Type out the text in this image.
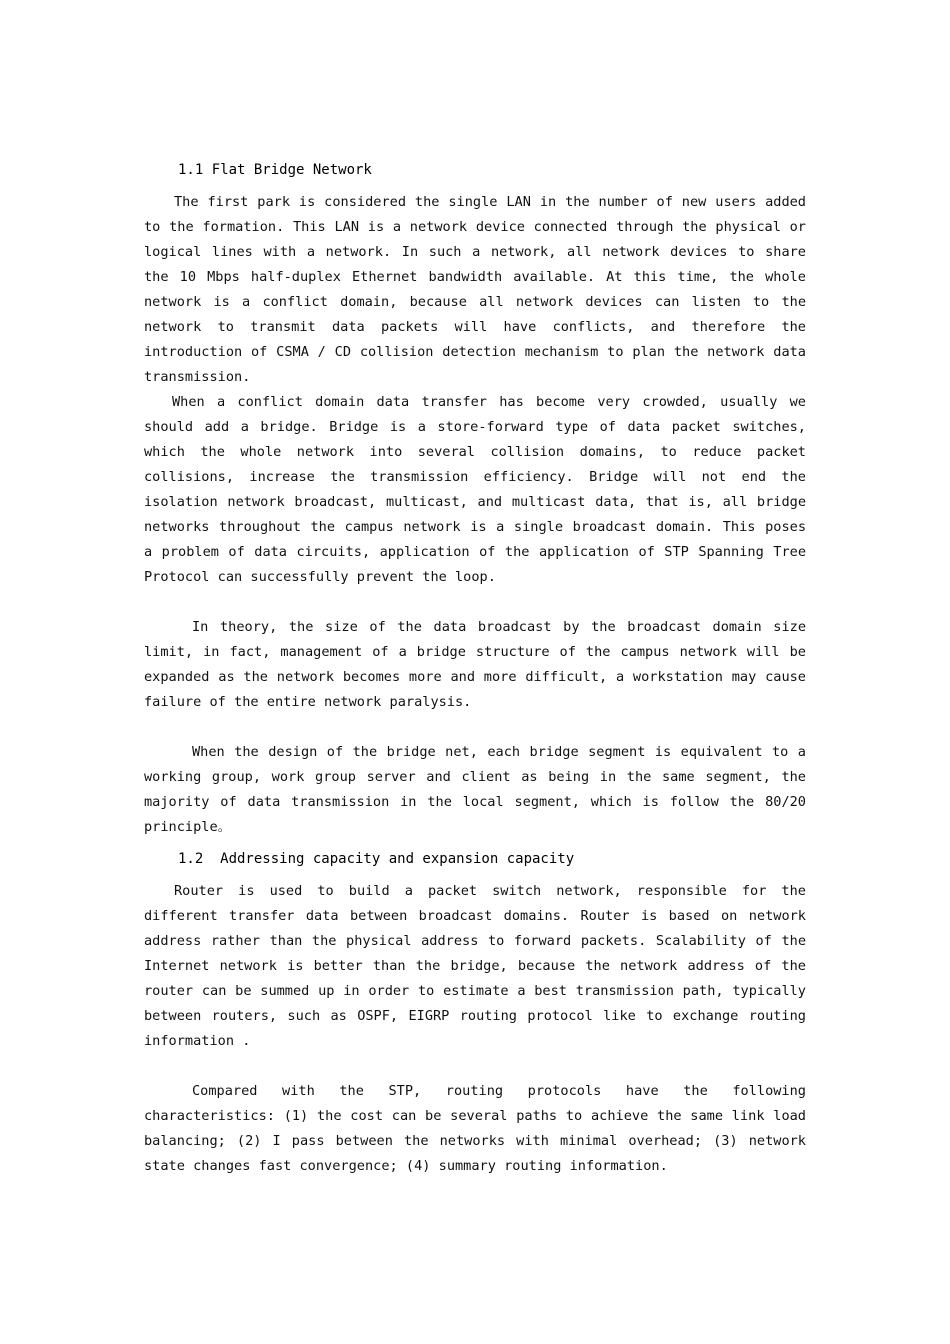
1.1 Flat Bridge Network

The first park is considered the single LAN in the number of new users added to the formation. This LAN is a network device connected through the physical or logical lines with a network. In such a network, all network devices to share the 10 Mbps half-duplex Ethernet bandwidth available. At this time, the whole network is a conflict domain, because all network devices can listen to the network to transmit data packets will have conflicts, and therefore the introduction of CSMA / CD collision detection mechanism to plan the network data transmission.

When a conflict domain data transfer has become very crowded, usually we should add a bridge. Bridge is a store-forward type of data packet switches, which the whole network into several collision domains, to reduce packet collisions, increase the transmission efficiency. Bridge will not end the isolation network broadcast, multicast, and multicast data, that is, all bridge networks throughout the campus network is a single broadcast domain. This poses a problem of data circuits, application of the application of STP Spanning Tree Protocol can successfully prevent the loop.

In theory, the size of the data broadcast by the broadcast domain size limit, in fact, management of a bridge structure of the campus network will be expanded as the network becomes more and more difficult, a workstation may cause failure of the entire network paralysis.

When the design of the bridge net, each bridge segment is equivalent to a working group, work group server and client as being in the same segment, the majority of data transmission in the local segment, which is follow the 80/20 principle。

1.2  Addressing capacity and expansion capacity

Router is used to build a packet switch network, responsible for the different transfer data between broadcast domains. Router is based on network address rather than the physical address to forward packets. Scalability of the Internet network is better than the bridge, because the network address of the router can be summed up in order to estimate a best transmission path, typically between routers, such as OSPF, EIGRP routing protocol like to exchange routing information .

Compared with the STP, routing protocols have the following characteristics: (1) the cost can be several paths to achieve the same link load balancing; (2) I pass between the networks with minimal overhead; (3) network state changes fast convergence; (4) summary routing information.
